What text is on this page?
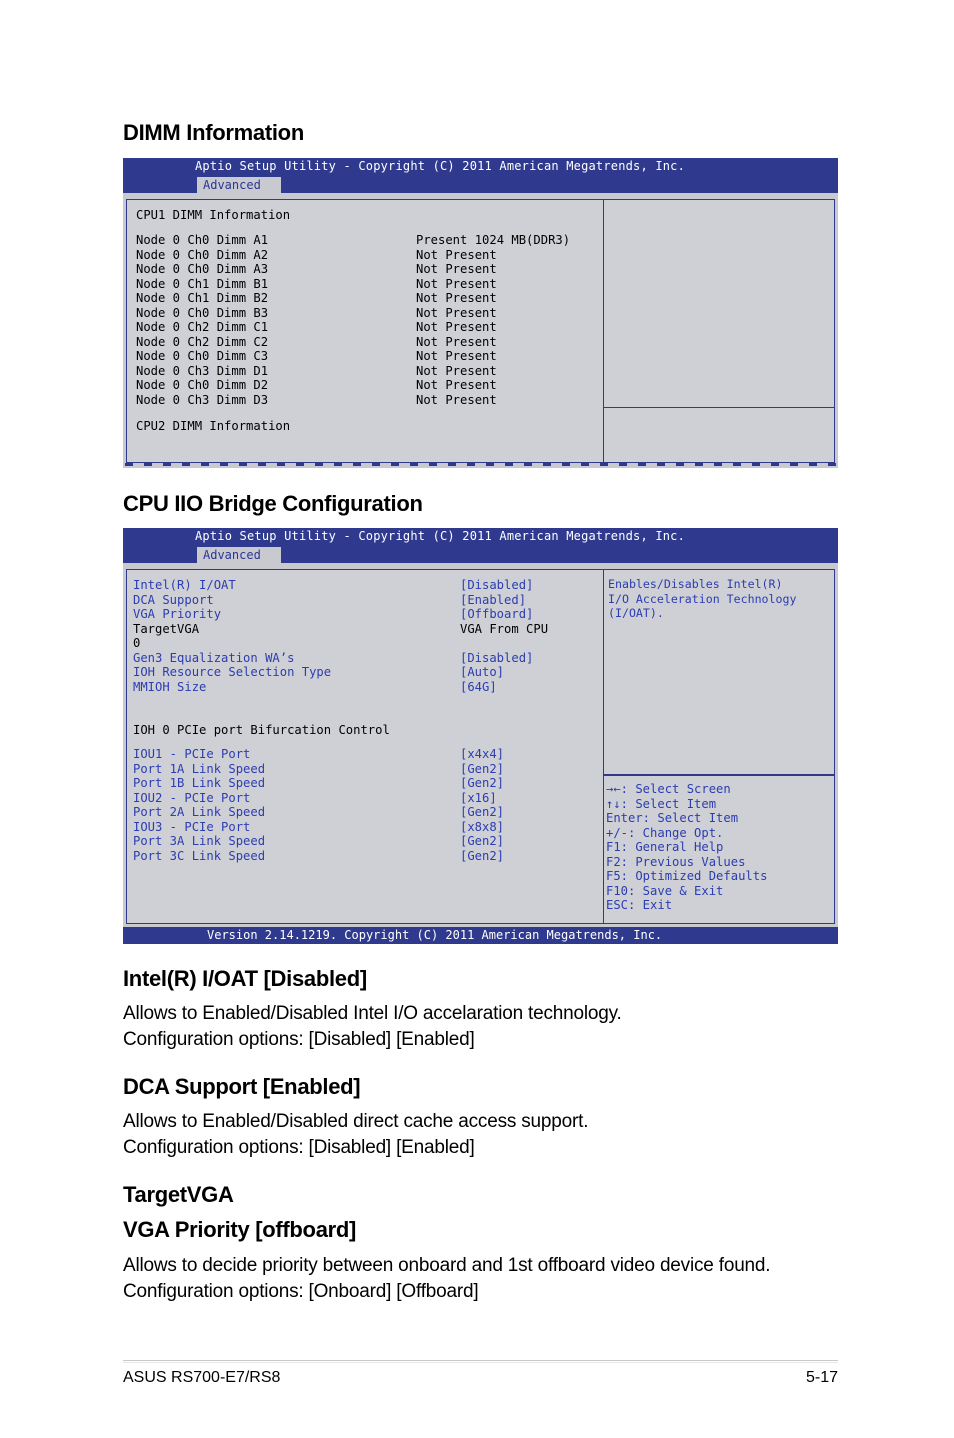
DIMM Information
Aptio Setup Utility - Copyright (C) 2011 American Megatrends, Inc.
Advanced
CPU1 DIMM Information
Node 0 Ch0 Dimm A1	Present 1024 MB(DDR3)
Node 0 Ch0 Dimm A2	Not Present
Node 0 Ch0 Dimm A3	Not Present
Node 0 Ch1 Dimm B1	Not Present
Node 0 Ch1 Dimm B2	Not Present
Node 0 Ch0 Dimm B3	Not Present
Node 0 Ch2 Dimm C1	Not Present
Node 0 Ch2 Dimm C2	Not Present
Node 0 Ch0 Dimm C3	Not Present
Node 0 Ch3 Dimm D1	Not Present
Node 0 Ch0 Dimm D2	Not Present
Node 0 Ch3 Dimm D3	Not Present
CPU2 DIMM Information
CPU IIO Bridge Configuration
Aptio Setup Utility - Copyright (C) 2011 American Megatrends, Inc.
Advanced
Intel(R) I/OAT	[Disabled]
DCA Support	[Enabled]
VGA Priority	[Offboard]
TargetVGA	VGA From CPU
0
Gen3 Equalization WA’s	[Disabled]
IOH Resource Selection Type	[Auto]
MMIOH Size	[64G]
IOH 0 PCIe port Bifurcation Control
IOU1 - PCIe Port	[x4x4]
Port 1A Link Speed	[Gen2]
Port 1B Link Speed	[Gen2]
IOU2 - PCIe Port	[x16]
Port 2A Link Speed	[Gen2]
IOU3 - PCIe Port	[x8x8]
Port 3A Link Speed	[Gen2]
Port 3C Link Speed	[Gen2]
Enables/Disables Intel(R)
I/O Acceleration Technology
(I/OAT).
→←: Select Screen
↑↓: Select Item
Enter: Select Item
+/-: Change Opt.
F1: General Help
F2: Previous Values
F5: Optimized Defaults
F10: Save & Exit
ESC: Exit
Version 2.14.1219. Copyright (C) 2011 American Megatrends, Inc.
Intel(R) I/OAT [Disabled]
Allows to Enabled/Disabled Intel I/O accelaration technology.
Configuration options: [Disabled] [Enabled]
DCA Support [Enabled]
Allows to Enabled/Disabled direct cache access support.
Configuration options: [Disabled] [Enabled]
TargetVGA
VGA Priority [offboard]
Allows to decide priority between onboard and 1st offboard video device found.
Configuration options: [Onboard] [Offboard]
ASUS RS700-E7/RS8	5-17
